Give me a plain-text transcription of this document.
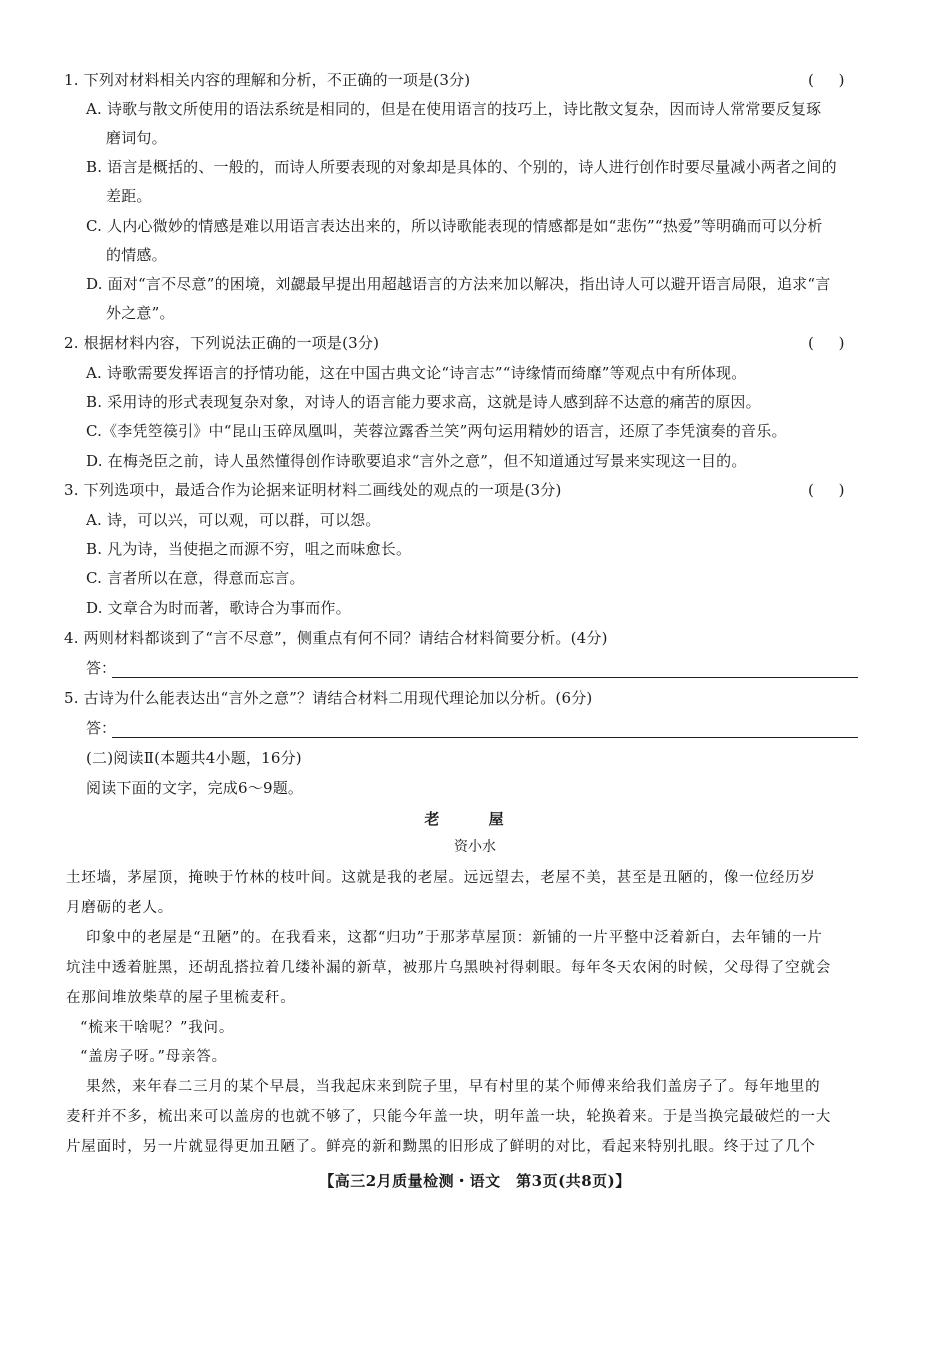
1. 下列对材料相关内容的理解和分析，不正确的一项是(3分)	( )
A. 诗歌与散文所使用的语法系统是相同的，但是在使用语言的技巧上，诗比散文复杂，因而诗人常常要反复琢
磨词句。
B. 语言是概括的、一般的，而诗人所要表现的对象却是具体的、个别的，诗人进行创作时要尽量减小两者之间的
差距。
C. 人内心微妙的情感是难以用语言表达出来的，所以诗歌能表现的情感都是如“悲伤”“热爱”等明确而可以分析
的情感。
D. 面对“言不尽意”的困境，刘勰最早提出用超越语言的方法来加以解决，指出诗人可以避开语言局限，追求“言
外之意”。
2. 根据材料内容，下列说法正确的一项是(3分)	( )
A. 诗歌需要发挥语言的抒情功能，这在中国古典文论“诗言志”“诗缘情而绮靡”等观点中有所体现。
B. 采用诗的形式表现复杂对象，对诗人的语言能力要求高，这就是诗人感到辞不达意的痛苦的原因。
C.《李凭箜篌引》中“昆山玉碎凤凰叫，芙蓉泣露香兰笑”两句运用精妙的语言，还原了李凭演奏的音乐。
D. 在梅尧臣之前，诗人虽然懂得创作诗歌要追求“言外之意”，但不知道通过写景来实现这一目的。
3. 下列选项中，最适合作为论据来证明材料二画线处的观点的一项是(3分)	( )
A. 诗，可以兴，可以观，可以群，可以怨。
B. 凡为诗，当使挹之而源不穷，咀之而味愈长。
C. 言者所以在意，得意而忘言。
D. 文章合为时而著，歌诗合为事而作。
4. 两则材料都谈到了“言不尽意”，侧重点有何不同？请结合材料简要分析。(4分)
答：
5. 古诗为什么能表达出“言外之意”？请结合材料二用现代理论加以分析。(6分)
答：
(二)阅读Ⅱ(本题共4小题，16分)
阅读下面的文字，完成6～9题。
老 屋
资小水
土坯墙，茅屋顶，掩映于竹林的枝叶间。这就是我的老屋。远远望去，老屋不美，甚至是丑陋的，像一位经历岁
月磨砺的老人。
印象中的老屋是“丑陋”的。在我看来，这都“归功”于那茅草屋顶：新铺的一片平整中泛着新白，去年铺的一片
坑洼中透着脏黑，还胡乱搭拉着几缕补漏的新草，被那片乌黑映衬得刺眼。每年冬天农闲的时候，父母得了空就会
在那间堆放柴草的屋子里梳麦秆。
“梳来干啥呢？”我问。
“盖房子呀。”母亲答。
果然，来年春二三月的某个早晨，当我起床来到院子里，早有村里的某个师傅来给我们盖房子了。每年地里的
麦秆并不多，梳出来可以盖房的也就不够了，只能今年盖一块，明年盖一块，轮换着来。于是当换完最破烂的一大
片屋面时，另一片就显得更加丑陋了。鲜亮的新和黝黑的旧形成了鲜明的对比，看起来特别扎眼。终于过了几个
【高三2月质量检测・语文　第3页(共8页)】
